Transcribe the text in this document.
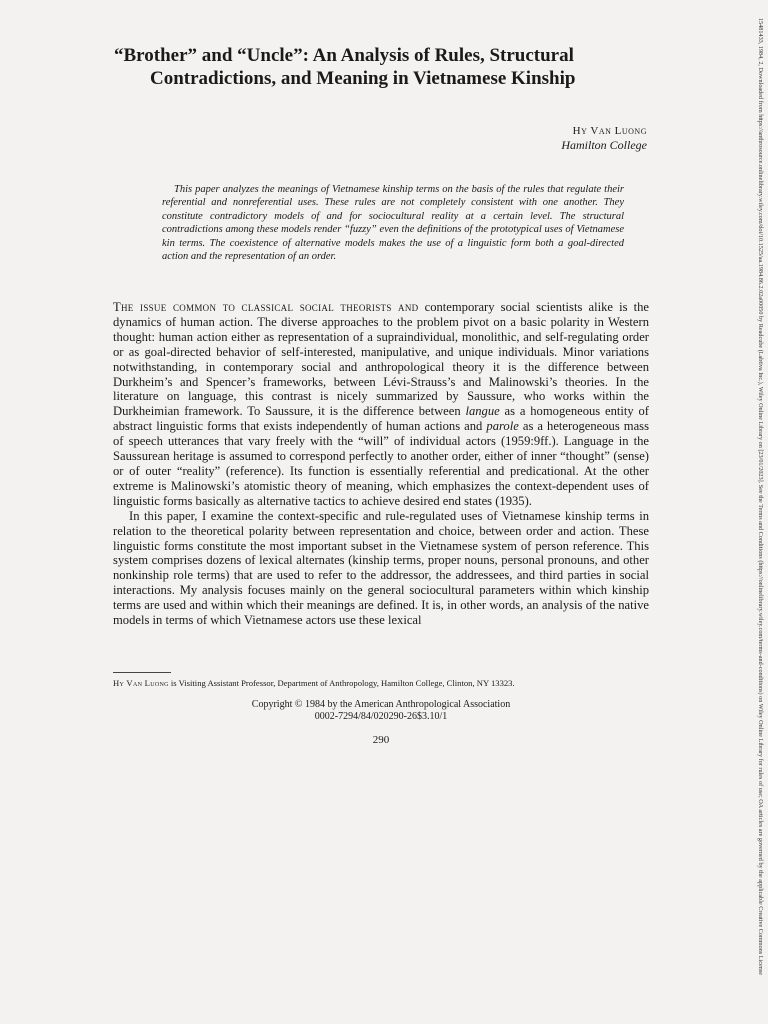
“Brother” and “Uncle”: An Analysis of Rules, Structural
Contradictions, and Meaning in Vietnamese Kinship
Hy Van Luong
Hamilton College
This paper analyzes the meanings of Vietnamese kinship terms on the basis of the rules that regulate their referential and nonreferential uses. These rules are not completely consistent with one another. They constitute contradictory models of and for sociocultural reality at a certain level. The structural contradictions among these models render “fuzzy” even the definitions of the prototypical uses of Vietnamese kin terms. The coexistence of alternative models makes the use of a linguistic form both a goal-directed action and the representation of an order.

The issue common to classical social theorists and contemporary social scientists alike is the dynamics of human action. The diverse approaches to the problem pivot on a basic polarity in Western thought: human action either as representation of a supraindividual, monolithic, and self-regulating order or as goal-directed behavior of self-interested, manipulative, and unique individuals. Minor variations notwithstanding, in contemporary social and anthropological theory it is the difference between Durkheim’s and Spencer’s frameworks, between Lévi-Strauss’s and Malinowski’s theories. In the literature on language, this contrast is nicely summarized by Saussure, who works within the Durkheimian framework. To Saussure, it is the difference between langue as a homogeneous entity of abstract linguistic forms that exists independently of human actions and parole as a heterogeneous mass of speech utterances that vary freely with the “will” of individual actors (1959:9ff.). Language in the Saussurean heritage is assumed to correspond perfectly to another order, either of inner “thought” (sense) or of outer “reality” (reference). Its function is essentially referential and predicational. At the other extreme is Malinowski’s atomistic theory of meaning, which emphasizes the context-dependent uses of linguistic forms basically as alternative tactics to achieve desired end states (1935).

In this paper, I examine the context-specific and rule-regulated uses of Vietnamese kinship terms in relation to the theoretical polarity between representation and choice, between order and action. These linguistic forms constitute the most important subset in the Vietnamese system of person reference. This system comprises dozens of lexical alternates (kinship terms, proper nouns, personal pronouns, and other nonkinship role terms) that are used to refer to the addressor, the addressees, and third parties in social interactions. My analysis focuses mainly on the general sociocultural parameters within which kinship terms are used and within which their meanings are defined. It is, in other words, an analysis of the native models in terms of which Vietnamese actors use these lexical

Hy Van Luong is Visiting Assistant Professor, Department of Anthropology, Hamilton College, Clinton, NY 13323.
Copyright © 1984 by the American Anthropological Association
0002-7294/84/020290-26$3.10/1
290	15481433, 1984, 2, Downloaded from https://anthrosource.onlinelibrary.wiley.com/doi/10.1525/aa.1984.86.2.02a00050 by Readcube (Labtiva Inc.), Wiley Online Library on [23/01/2023]. See the Terms and Conditions (https://onlinelibrary.wiley.com/terms-and-conditions) on Wiley Online Library for rules of use; OA articles are governed by the applicable Creative Commons License
